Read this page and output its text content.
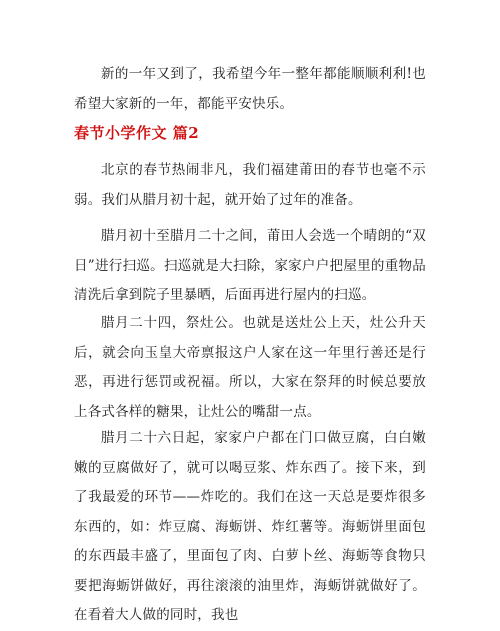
新的一年又到了，我希望今年一整年都能顺顺利利!也希望大家新的一年，都能平安快乐。

春节小学作文 篇2

北京的春节热闹非凡，我们福建莆田的春节也毫不示弱。我们从腊月初十起，就开始了过年的准备。

腊月初十至腊月二十之间，莆田人会选一个晴朗的“双日”进行扫巡。扫巡就是大扫除，家家户户把屋里的重物品清洗后拿到院子里暴晒，后面再进行屋内的扫巡。

腊月二十四，祭灶公。也就是送灶公上天，灶公升天后，就会向玉皇大帝禀报这户人家在这一年里行善还是行恶，再进行惩罚或祝福。所以，大家在祭拜的时候总要放上各式各样的糖果，让灶公的嘴甜一点。

腊月二十六日起，家家户户都在门口做豆腐，白白嫩嫩的豆腐做好了，就可以喝豆浆、炸东西了。接下来，到了我最爱的环节——炸吃的。我们在这一天总是要炸很多东西的，如：炸豆腐、海蛎饼、炸红薯等。海蛎饼里面包的东西最丰盛了，里面包了肉、白萝卜丝、海蛎等食物只要把海蛎饼做好，再往滚滚的油里炸，海蛎饼就做好了。在看着大人做的同时，我也
